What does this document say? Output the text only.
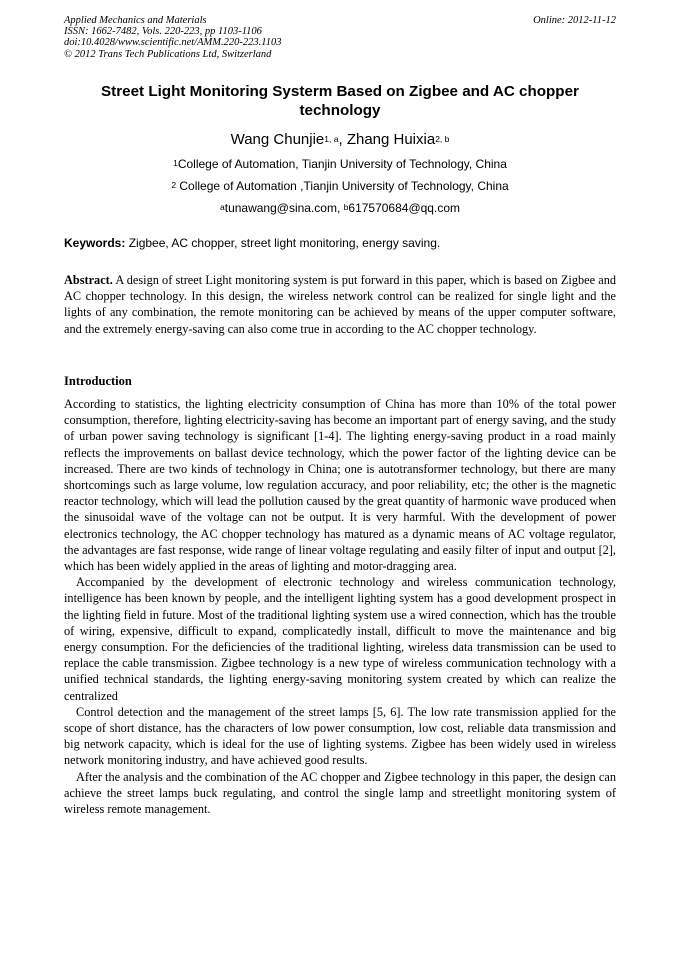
Applied Mechanics and Materials
ISSN: 1662-7482, Vols. 220-223, pp 1103-1106
doi:10.4028/www.scientific.net/AMM.220-223.1103
© 2012 Trans Tech Publications Ltd, Switzerland
Online: 2012-11-12
Street Light Monitoring Systerm Based on Zigbee and AC chopper technology
Wang Chunjie$^{1, a}$, Zhang Huixia$^{2, b}$
$^1$College of Automation, Tianjin University of Technology, China
$^2$ College of Automation ,Tianjin University of Technology, China
$^a$tunawang@sina.com, $^b$617570684@qq.com
Keywords: Zigbee, AC chopper, street light monitoring, energy saving.

Abstract. A design of street Light monitoring system is put forward in this paper, which is based on Zigbee and AC chopper technology. In this design, the wireless network control can be realized for single light and the lights of any combination, the remote monitoring can be achieved by means of the upper computer software, and the extremely energy-saving can also come true in according to the AC chopper technology.

Introduction

According to statistics, the lighting electricity consumption of China has more than 10% of the total power consumption, therefore, lighting electricity-saving has become an important part of energy saving, and the study of urban power saving technology is significant [1-4]. The lighting energy-saving product in a road mainly reflects the improvements on ballast device technology, which the power factor of the lighting device can be increased. There are two kinds of technology in China; one is autotransformer technology, but there are many shortcomings such as large volume, low regulation accuracy, and poor reliability, etc; the other is the magnetic reactor technology, which will lead the pollution caused by the great quantity of harmonic wave produced when the sinusoidal wave of the voltage can not be output. It is very harmful. With the development of power electronics technology, the AC chopper technology has matured as a dynamic means of AC voltage regulator, the advantages are fast response, wide range of linear voltage regulating and easily filter of input and output [2], which has been widely applied in the areas of lighting and motor-dragging area.

Accompanied by the development of electronic technology and wireless communication technology, intelligence has been known by people, and the intelligent lighting system has a good development prospect in the lighting field in future. Most of the traditional lighting system use a wired connection, which has the trouble of wiring, expensive, difficult to expand, complicatedly install, difficult to move the maintenance and big energy consumption. For the deficiencies of the traditional lighting, wireless data transmission can be used to replace the cable transmission. Zigbee technology is a new type of wireless communication technology with a unified technical standards, the lighting energy-saving monitoring system created by which can realize the centralized

Control detection and the management of the street lamps [5, 6]. The low rate transmission applied for the scope of short distance, has the characters of low power consumption, low cost, reliable data transmission and big network capacity, which is ideal for the use of lighting systems. Zigbee has been widely used in wireless network monitoring industry, and have achieved good results.

After the analysis and the combination of the AC chopper and Zigbee technology in this paper, the design can achieve the street lamps buck regulating, and control the single lamp and streetlight monitoring system of wireless remote management.
